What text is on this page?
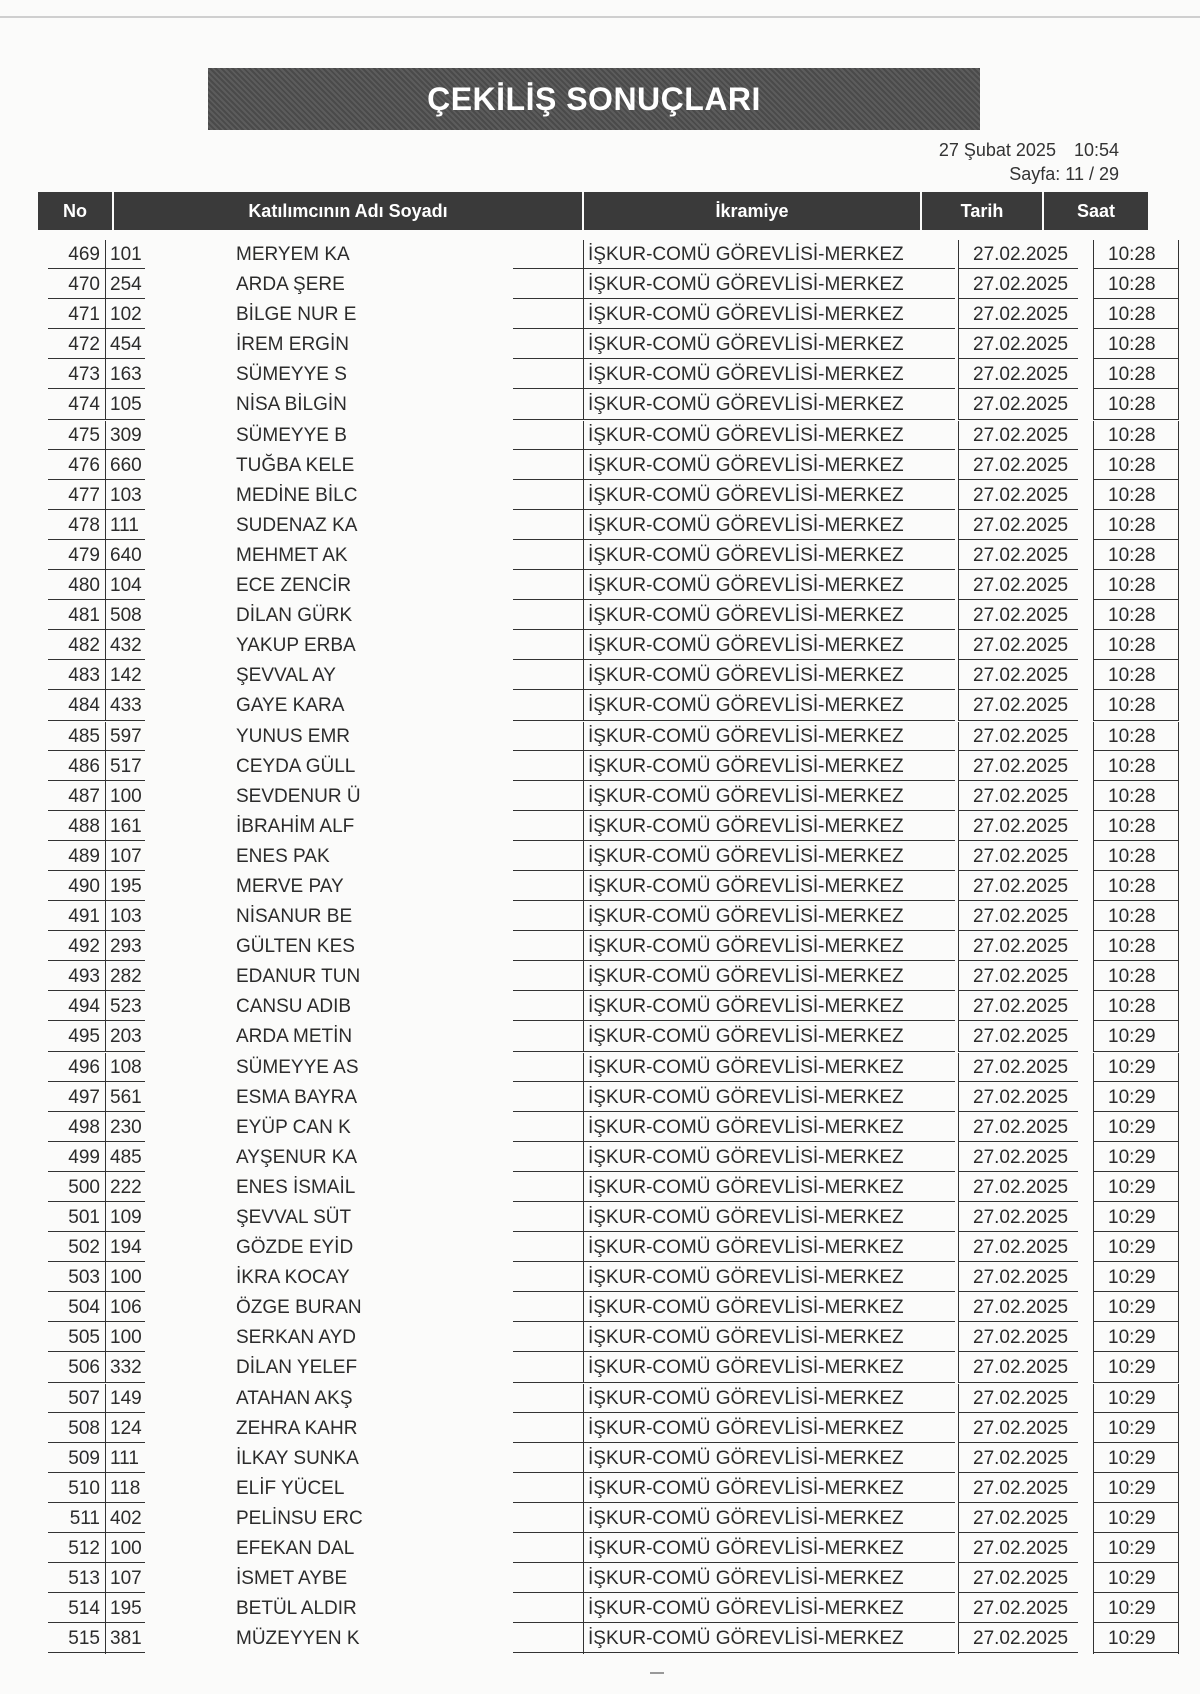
ÇEKİLİŞ SONUÇLARI
27 Şubat 2025 10:54
Sayfa: 11 / 29
No	Katılımcının Adı Soyadı	İkramiye	Tarih	Saat
469 101	MERYEM KA	İŞKUR-COMÜ GÖREVLİSİ-MERKEZ	27.02.2025	10:28
470 254	ARDA ŞERE	İŞKUR-COMÜ GÖREVLİSİ-MERKEZ	27.02.2025	10:28
471 102	BİLGE NUR E	İŞKUR-COMÜ GÖREVLİSİ-MERKEZ	27.02.2025	10:28
472 454	İREM ERGİN	İŞKUR-COMÜ GÖREVLİSİ-MERKEZ	27.02.2025	10:28
473 163	SÜMEYYE S	İŞKUR-COMÜ GÖREVLİSİ-MERKEZ	27.02.2025	10:28
474 105	NİSA BİLGİN	İŞKUR-COMÜ GÖREVLİSİ-MERKEZ	27.02.2025	10:28
475 309	SÜMEYYE B	İŞKUR-COMÜ GÖREVLİSİ-MERKEZ	27.02.2025	10:28
476 660	TUĞBA KELE	İŞKUR-COMÜ GÖREVLİSİ-MERKEZ	27.02.2025	10:28
477 103	MEDİNE BİLC	İŞKUR-COMÜ GÖREVLİSİ-MERKEZ	27.02.2025	10:28
478 111	SUDENAZ KA	İŞKUR-COMÜ GÖREVLİSİ-MERKEZ	27.02.2025	10:28
479 640	MEHMET AK	İŞKUR-COMÜ GÖREVLİSİ-MERKEZ	27.02.2025	10:28
480 104	ECE ZENCİR	İŞKUR-COMÜ GÖREVLİSİ-MERKEZ	27.02.2025	10:28
481 508	DİLAN GÜRK	İŞKUR-COMÜ GÖREVLİSİ-MERKEZ	27.02.2025	10:28
482 432	YAKUP ERBA	İŞKUR-COMÜ GÖREVLİSİ-MERKEZ	27.02.2025	10:28
483 142	ŞEVVAL AY	İŞKUR-COMÜ GÖREVLİSİ-MERKEZ	27.02.2025	10:28
484 433	GAYE KARA	İŞKUR-COMÜ GÖREVLİSİ-MERKEZ	27.02.2025	10:28
485 597	YUNUS EMR	İŞKUR-COMÜ GÖREVLİSİ-MERKEZ	27.02.2025	10:28
486 517	CEYDA GÜLL	İŞKUR-COMÜ GÖREVLİSİ-MERKEZ	27.02.2025	10:28
487 100	SEVDENUR Ü	İŞKUR-COMÜ GÖREVLİSİ-MERKEZ	27.02.2025	10:28
488 161	İBRAHİM ALF	İŞKUR-COMÜ GÖREVLİSİ-MERKEZ	27.02.2025	10:28
489 107	ENES PAK	İŞKUR-COMÜ GÖREVLİSİ-MERKEZ	27.02.2025	10:28
490 195	MERVE PAY	İŞKUR-COMÜ GÖREVLİSİ-MERKEZ	27.02.2025	10:28
491 103	NİSANUR BE	İŞKUR-COMÜ GÖREVLİSİ-MERKEZ	27.02.2025	10:28
492 293	GÜLTEN KES	İŞKUR-COMÜ GÖREVLİSİ-MERKEZ	27.02.2025	10:28
493 282	EDANUR TUN	İŞKUR-COMÜ GÖREVLİSİ-MERKEZ	27.02.2025	10:28
494 523	CANSU ADIB	İŞKUR-COMÜ GÖREVLİSİ-MERKEZ	27.02.2025	10:28
495 203	ARDA METİN	İŞKUR-COMÜ GÖREVLİSİ-MERKEZ	27.02.2025	10:29
496 108	SÜMEYYE AS	İŞKUR-COMÜ GÖREVLİSİ-MERKEZ	27.02.2025	10:29
497 561	ESMA BAYRA	İŞKUR-COMÜ GÖREVLİSİ-MERKEZ	27.02.2025	10:29
498 230	EYÜP CAN K	İŞKUR-COMÜ GÖREVLİSİ-MERKEZ	27.02.2025	10:29
499 485	AYŞENUR KA	İŞKUR-COMÜ GÖREVLİSİ-MERKEZ	27.02.2025	10:29
500 222	ENES İSMAİL	İŞKUR-COMÜ GÖREVLİSİ-MERKEZ	27.02.2025	10:29
501 109	ŞEVVAL SÜT	İŞKUR-COMÜ GÖREVLİSİ-MERKEZ	27.02.2025	10:29
502 194	GÖZDE EYİD	İŞKUR-COMÜ GÖREVLİSİ-MERKEZ	27.02.2025	10:29
503 100	İKRA KOCAY	İŞKUR-COMÜ GÖREVLİSİ-MERKEZ	27.02.2025	10:29
504 106	ÖZGE BURAN	İŞKUR-COMÜ GÖREVLİSİ-MERKEZ	27.02.2025	10:29
505 100	SERKAN AYD	İŞKUR-COMÜ GÖREVLİSİ-MERKEZ	27.02.2025	10:29
506 332	DİLAN YELEF	İŞKUR-COMÜ GÖREVLİSİ-MERKEZ	27.02.2025	10:29
507 149	ATAHAN AKŞ	İŞKUR-COMÜ GÖREVLİSİ-MERKEZ	27.02.2025	10:29
508 124	ZEHRA KAHR	İŞKUR-COMÜ GÖREVLİSİ-MERKEZ	27.02.2025	10:29
509 111	İLKAY SUNKA	İŞKUR-COMÜ GÖREVLİSİ-MERKEZ	27.02.2025	10:29
510 118	ELİF YÜCEL	İŞKUR-COMÜ GÖREVLİSİ-MERKEZ	27.02.2025	10:29
511 402	PELİNSU ERC	İŞKUR-COMÜ GÖREVLİSİ-MERKEZ	27.02.2025	10:29
512 100	EFEKAN DAL	İŞKUR-COMÜ GÖREVLİSİ-MERKEZ	27.02.2025	10:29
513 107	İSMET AYBE	İŞKUR-COMÜ GÖREVLİSİ-MERKEZ	27.02.2025	10:29
514 195	BETÜL ALDIR	İŞKUR-COMÜ GÖREVLİSİ-MERKEZ	27.02.2025	10:29
515 381	MÜZEYYEN K	İŞKUR-COMÜ GÖREVLİSİ-MERKEZ	27.02.2025	10:29
